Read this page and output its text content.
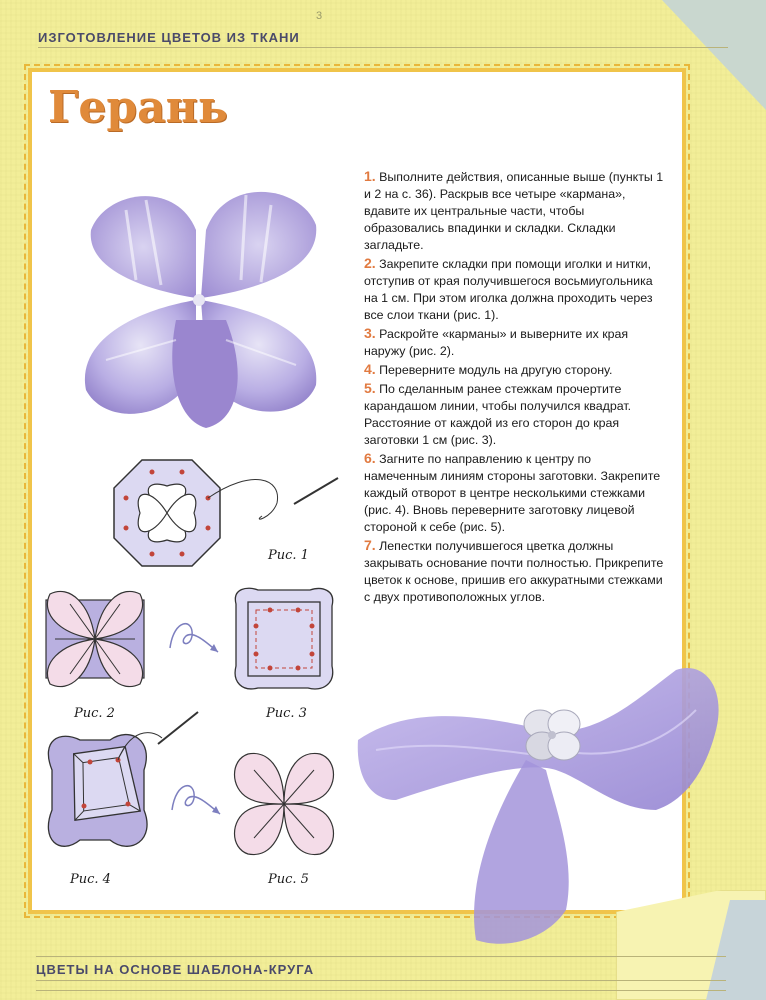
ИЗГОТОВЛЕНИЕ ЦВЕТОВ ИЗ ТКАНИ
3
Герань

1. Выполните действия, описанные выше (пункты 1 и 2 на с. 36). Раскрыв все четыре «кармана», вдавите их центральные части, чтобы образовались впадинки и складки. Складки загладьте.

2. Закрепите складки при помощи иголки и нитки, отступив от края получившегося восьмиугольника на 1 см. При этом иголка должна проходить через все слои ткани (рис. 1).

3. Раскройте «карманы» и выверните их края наружу (рис. 2).

4. Переверните модуль на другую сторону.

5. По сделанным ранее стежкам прочертите карандашом линии, чтобы получился квадрат. Расстояние от каждой из его сторон до края заготовки 1 см (рис. 3).

6. Загните по направлению к центру по намеченным линиям стороны заготовки. Закрепите каждый отворот в центре несколькими стежками (рис. 4). Вновь переверните заготовку лицевой стороной к себе (рис. 5).

7. Лепестки получившегося цветка должны закрывать основание почти полностью. Прикрепите цветок к основе, пришив его аккуратными стежками с двух противоположных углов.

Рис. 1
Рис. 2	Рис. 3
Рис. 4	Рис. 5
ЦВЕТЫ НА ОСНОВЕ ШАБЛОНА-КРУГА
